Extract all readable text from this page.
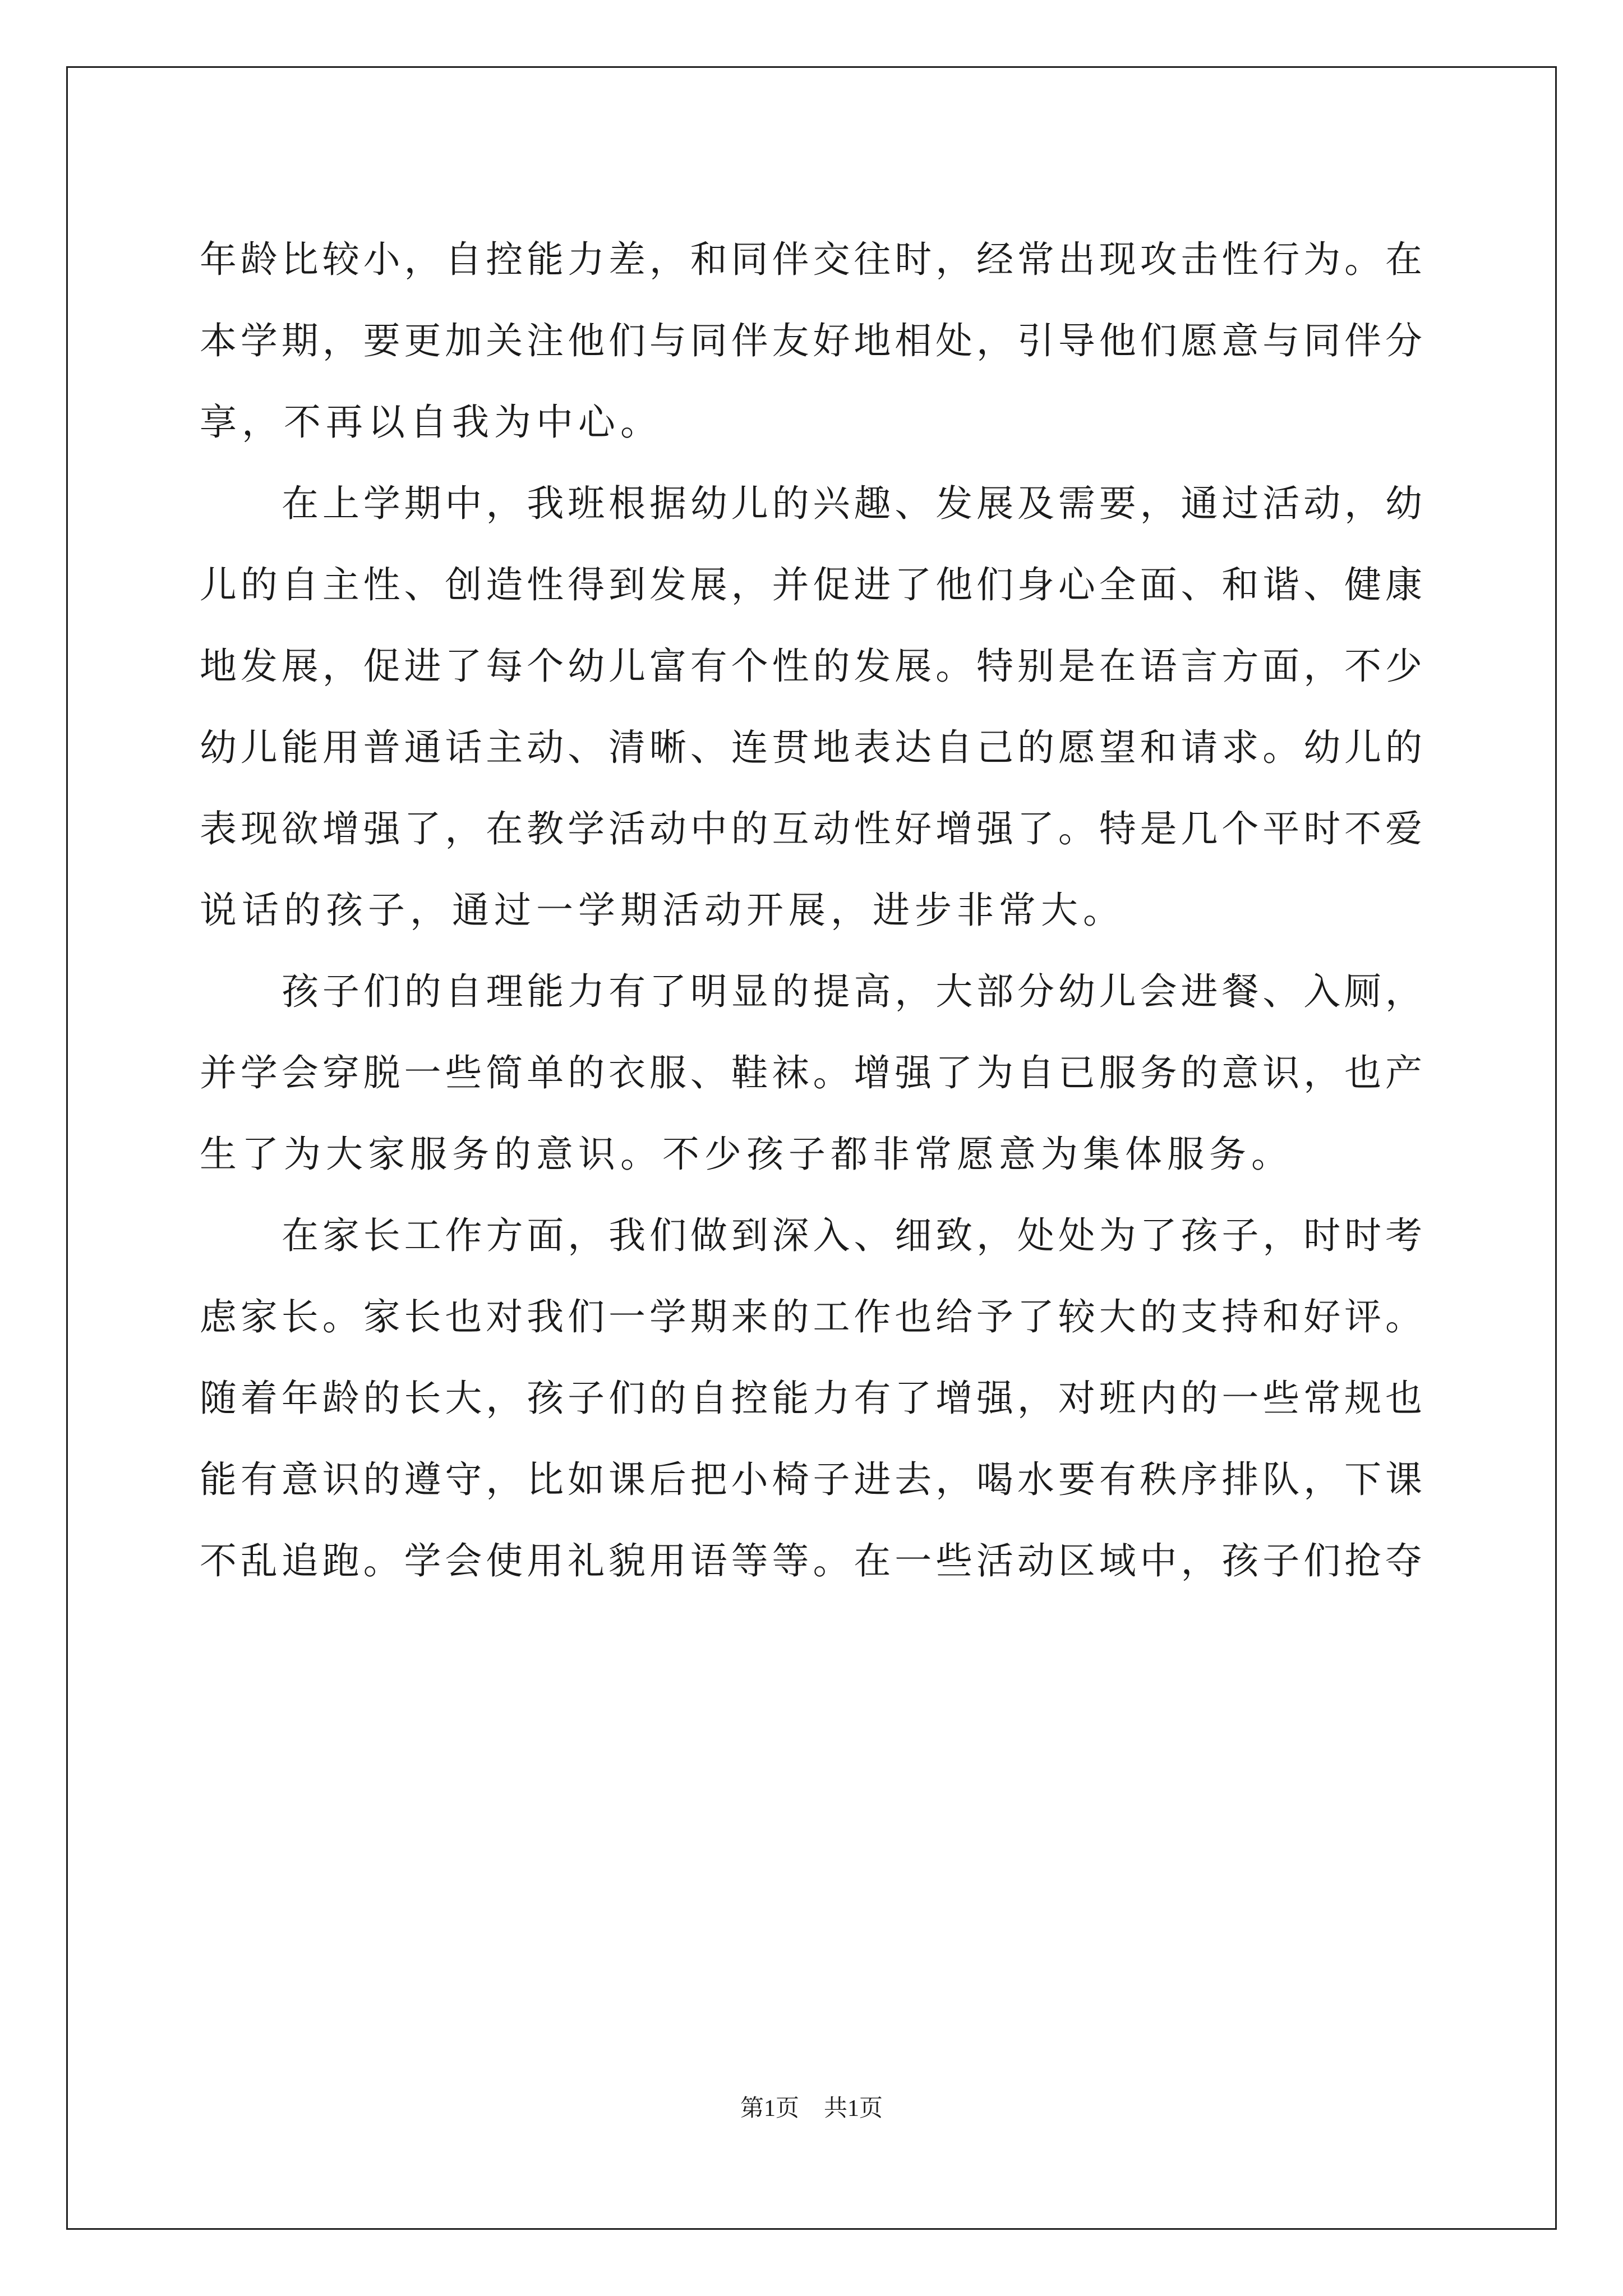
年龄比较小，自控能力差，和同伴交往时，经常出现攻击性行为。在
本学期，要更加关注他们与同伴友好地相处，引导他们愿意与同伴分
享，不再以自我为中心。
在上学期中，我班根据幼儿的兴趣、发展及需要，通过活动，幼
儿的自主性、创造性得到发展，并促进了他们身心全面、和谐、健康
地发展，促进了每个幼儿富有个性的发展。特别是在语言方面，不少
幼儿能用普通话主动、清晰、连贯地表达自己的愿望和请求。幼儿的
表现欲增强了，在教学活动中的互动性好增强了。特是几个平时不爱
说话的孩子，通过一学期活动开展，进步非常大。
孩子们的自理能力有了明显的提高，大部分幼儿会进餐、入厕，
并学会穿脱一些简单的衣服、鞋袜。增强了为自已服务的意识，也产
生了为大家服务的意识。不少孩子都非常愿意为集体服务。
在家长工作方面，我们做到深入、细致，处处为了孩子，时时考
虑家长。家长也对我们一学期来的工作也给予了较大的支持和好评。
随着年龄的长大，孩子们的自控能力有了增强，对班内的一些常规也
能有意识的遵守，比如课后把小椅子进去，喝水要有秩序排队，下课
不乱追跑。学会使用礼貌用语等等。在一些活动区域中，孩子们抢夺
第1页 共1页
